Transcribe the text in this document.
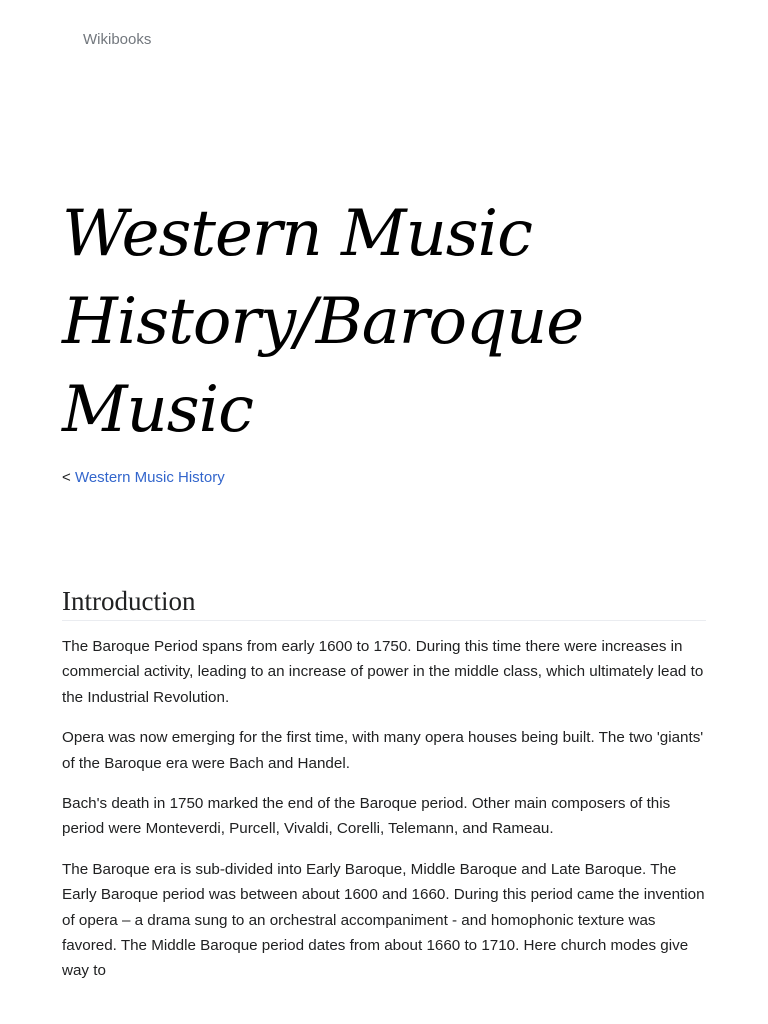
Wikibooks
Western Music History/Baroque Music
< Western Music History
Introduction

The Baroque Period spans from early 1600 to 1750. During this time there were increases in commercial activity, leading to an increase of power in the middle class, which ultimately lead to the Industrial Revolution.

Opera was now emerging for the first time, with many opera houses being built. The two 'giants' of the Baroque era were Bach and Handel.

Bach's death in 1750 marked the end of the Baroque period. Other main composers of this period were Monteverdi, Purcell, Vivaldi, Corelli, Telemann, and Rameau.

The Baroque era is sub-divided into Early Baroque, Middle Baroque and Late Baroque. The Early Baroque period was between about 1600 and 1660. During this period came the invention of opera – a drama sung to an orchestral accompaniment - and homophonic texture was favored. The Middle Baroque period dates from about 1660 to 1710. Here church modes give way to
